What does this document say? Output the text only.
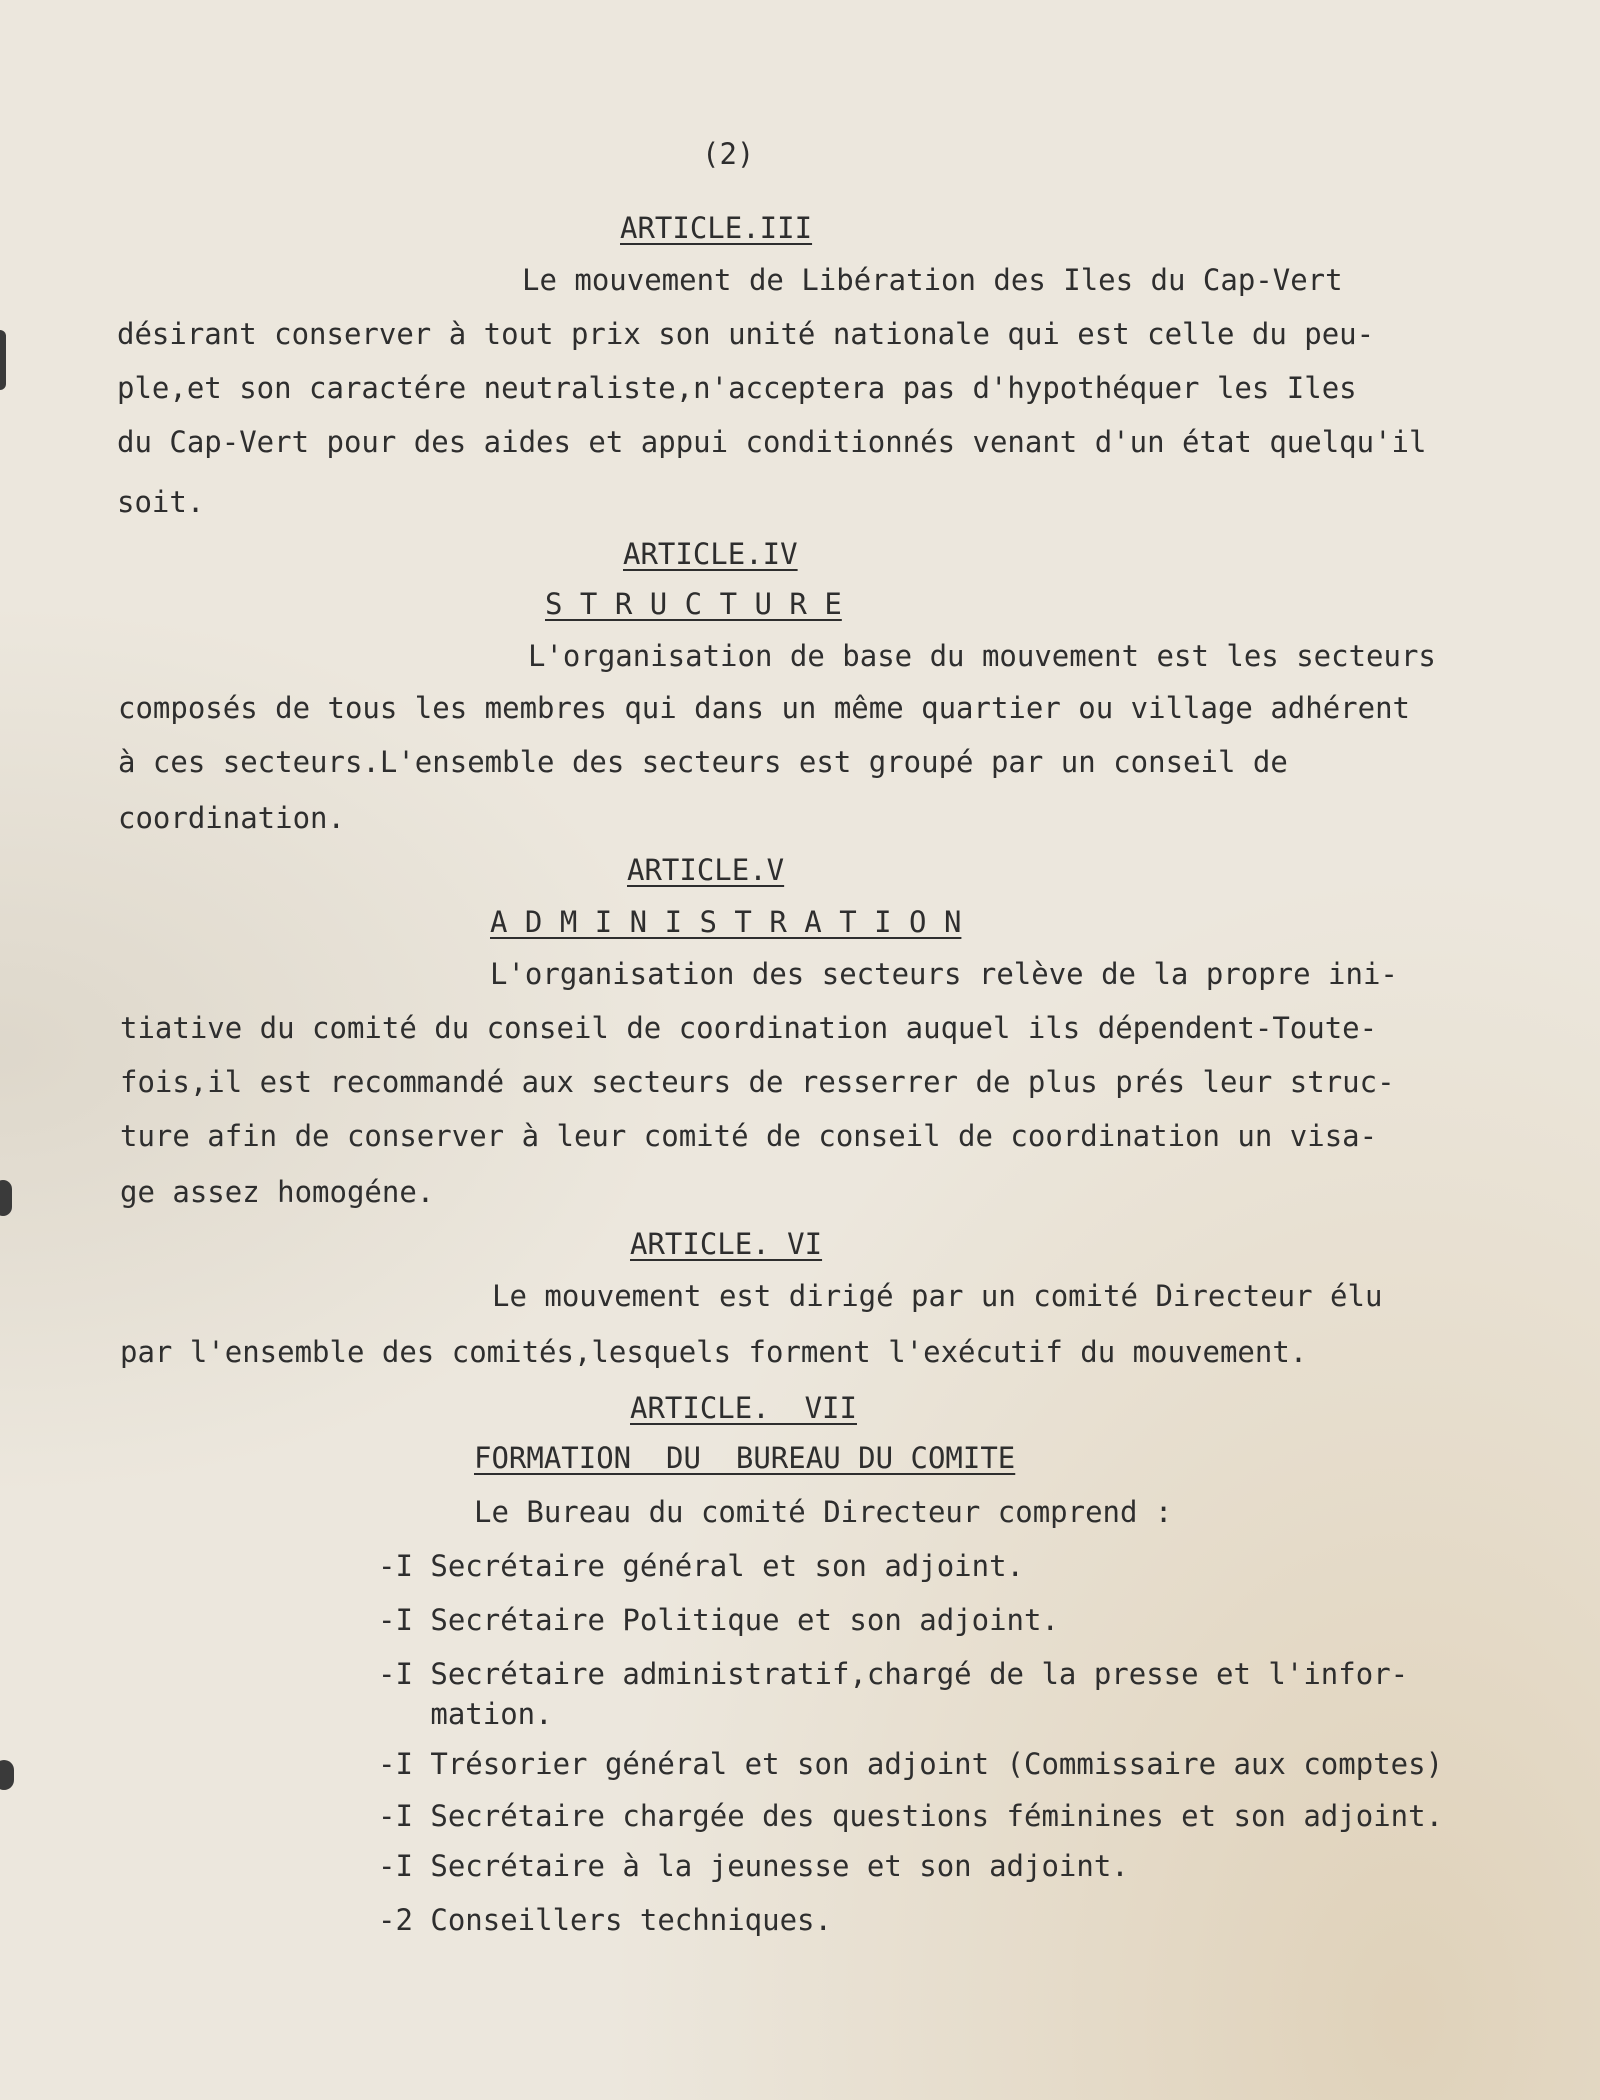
(2)
ARTICLE.III
Le mouvement de Libération des Iles du Cap-Vert
désirant conserver à tout prix son unité nationale qui est celle du peu-
ple,et son caractére neutraliste,n'acceptera pas d'hypothéquer les Iles
du Cap-Vert pour des aides et appui conditionnés venant d'un état quelqu'il
soit.
ARTICLE.IV
S T R U C T U R E
L'organisation de base du mouvement est les secteurs
composés de tous les membres qui dans un même quartier ou village adhérent
à ces secteurs.L'ensemble des secteurs est groupé par un conseil de
coordination.
ARTICLE.V
A D M I N I S T R A T I O N
L'organisation des secteurs relève de la propre ini-
tiative du comité du conseil de coordination auquel ils dépendent-Toute-
fois,il est recommandé aux secteurs de resserrer de plus prés leur struc-
ture afin de conserver à leur comité de conseil de coordination un visa-
ge assez homogéne.
ARTICLE. VI
Le mouvement est dirigé par un comité Directeur élu
par l'ensemble des comités,lesquels forment l'exécutif du mouvement.
ARTICLE.  VII
FORMATION  DU  BUREAU DU COMITE
Le Bureau du comité Directeur comprend :
-I Secrétaire général et son adjoint.
-I Secrétaire Politique et son adjoint.
-I Secrétaire administratif,chargé de la presse et l'infor-
mation.
-I Trésorier général et son adjoint (Commissaire aux comptes)
-I Secrétaire chargée des questions féminines et son adjoint.
-I Secrétaire à la jeunesse et son adjoint.
-2 Conseillers techniques.
